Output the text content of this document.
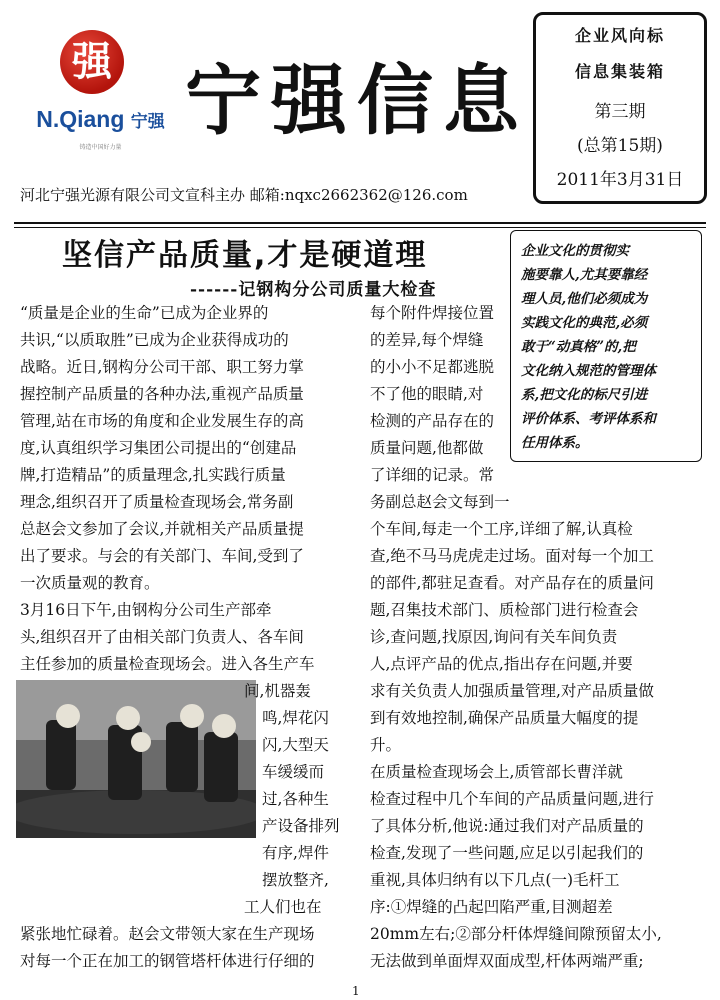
强
N.Qiang 宁强
铸造中国好力量
宁强信息
企业风向标
信息集装箱
第三期
(总第15期)
2011年3月31日
河北宁强光源有限公司文宣科主办 邮箱:nqxc2662362@126.com
坚信产品质量,才是硬道理
------记钢构分公司质量大检查
企业文化的贯彻实
施要靠人,尤其要靠经
理人员,他们必须成为
实践文化的典范,必须
敢于“动真格”的,把
文化纳入规范的管理体
系,把文化的标尺引进
评价体系、考评体系和
任用体系。
“质量是企业的生命”已成为企业界的
共识,“以质取胜”已成为企业获得成功的
战略。近日,钢构分公司干部、职工努力掌
握控制产品质量的各种办法,重视产品质量
管理,站在市场的角度和企业发展生存的高
度,认真组织学习集团公司提出的“创建品
牌,打造精品”的质量理念,扎实践行质量
理念,组织召开了质量检查现场会,常务副
总赵会文参加了会议,并就相关产品质量提
出了要求。与会的有关部门、车间,受到了
一次质量观的教育。
3月16日下午,由钢构分公司生产部牵
头,组织召开了由相关部门负责人、各车间
主任参加的质量检查现场会。进入各生产车
间,机器轰
鸣,焊花闪
闪,大型天
车缓缓而
过,各种生
产设备排列
有序,焊件
摆放整齐,
工人们也在
紧张地忙碌着。赵会文带领大家在生产现场
对每一个正在加工的钢管塔杆体进行仔细的
每个附件焊接位置
的差异,每个焊缝
的小小不足都逃脱
不了他的眼睛,对
检测的产品存在的
质量问题,他都做
了详细的记录。常
务副总赵会文每到一
个车间,每走一个工序,详细了解,认真检
查,绝不马马虎虎走过场。面对每一个加工
的部件,都驻足查看。对产品存在的质量问
题,召集技术部门、质检部门进行检查会
诊,查问题,找原因,询问有关车间负责
人,点评产品的优点,指出存在问题,并要
求有关负责人加强质量管理,对产品质量做
到有效地控制,确保产品质量大幅度的提
升。
在质量检查现场会上,质管部长曹洋就
检查过程中几个车间的产品质量问题,进行
了具体分析,他说:通过我们对产品质量的
检查,发现了一些问题,应足以引起我们的
重视,具体归纳有以下几点(一)毛杆工
序:①焊缝的凸起凹陷严重,目测超差
20mm左右;②部分杆体焊缝间隙预留太小,
无法做到单面焊双面成型,杆体两端严重;
1
